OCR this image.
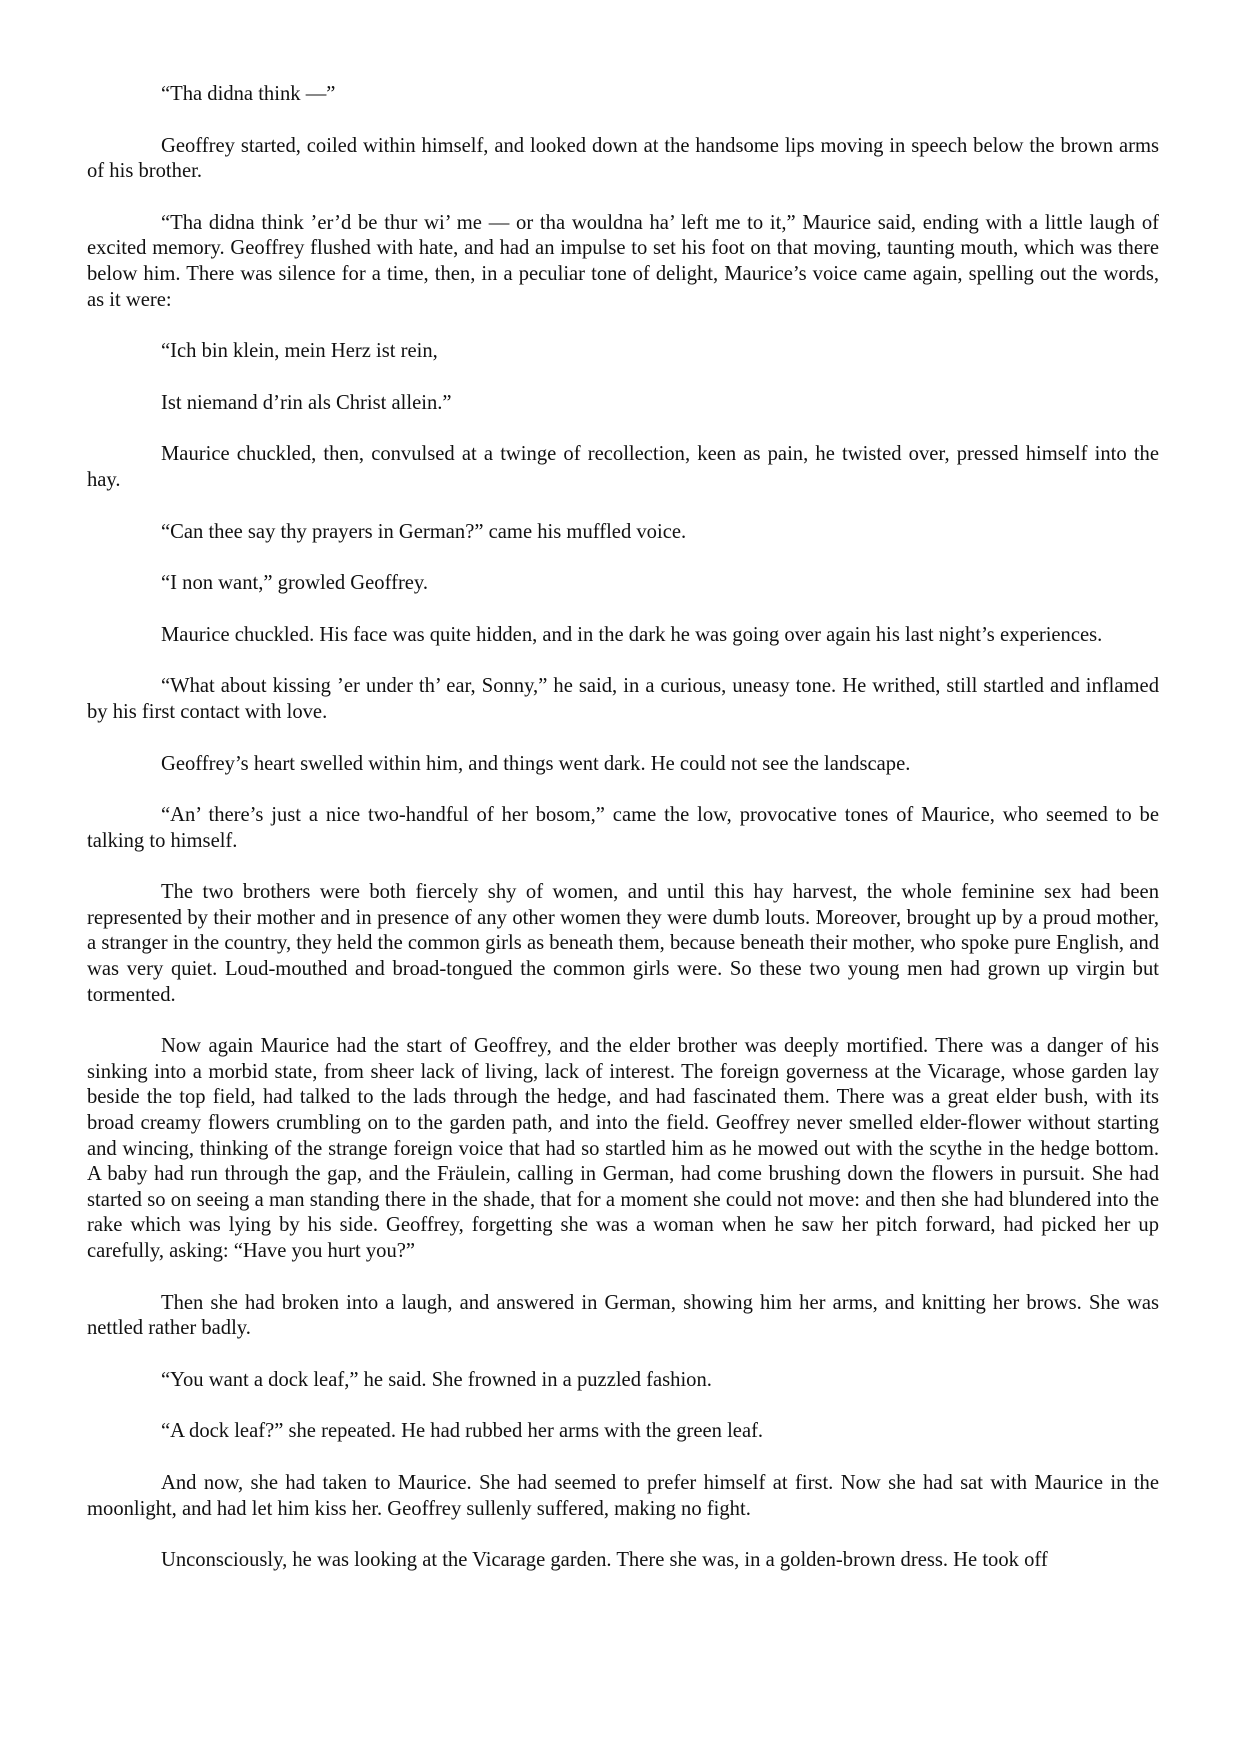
“Tha didna think —”

Geoffrey started, coiled within himself, and looked down at the handsome lips moving in speech below the brown arms of his brother.

“Tha didna think ’er’d be thur wi’ me — or tha wouldna ha’ left me to it,” Maurice said, ending with a little laugh of excited memory. Geoffrey flushed with hate, and had an impulse to set his foot on that moving, taunting mouth, which was there below him. There was silence for a time, then, in a peculiar tone of delight, Maurice’s voice came again, spelling out the words, as it were:

“Ich bin klein, mein Herz ist rein,

Ist niemand d’rin als Christ allein.”

Maurice chuckled, then, convulsed at a twinge of recollection, keen as pain, he twisted over, pressed himself into the hay.

“Can thee say thy prayers in German?” came his muffled voice.

“I non want,” growled Geoffrey.

Maurice chuckled. His face was quite hidden, and in the dark he was going over again his last night’s experiences.

“What about kissing ’er under th’ ear, Sonny,” he said, in a curious, uneasy tone. He writhed, still startled and inflamed by his first contact with love.

Geoffrey’s heart swelled within him, and things went dark. He could not see the landscape.

“An’ there’s just a nice two-handful of her bosom,” came the low, provocative tones of Maurice, who seemed to be talking to himself.

The two brothers were both fiercely shy of women, and until this hay harvest, the whole feminine sex had been represented by their mother and in presence of any other women they were dumb louts. Moreover, brought up by a proud mother, a stranger in the country, they held the common girls as beneath them, because beneath their mother, who spoke pure English, and was very quiet. Loud-mouthed and broad-tongued the common girls were. So these two young men had grown up virgin but tormented.

Now again Maurice had the start of Geoffrey, and the elder brother was deeply mortified. There was a danger of his sinking into a morbid state, from sheer lack of living, lack of interest. The foreign governess at the Vicarage, whose garden lay beside the top field, had talked to the lads through the hedge, and had fascinated them. There was a great elder bush, with its broad creamy flowers crumbling on to the garden path, and into the field. Geoffrey never smelled elder-flower without starting and wincing, thinking of the strange foreign voice that had so startled him as he mowed out with the scythe in the hedge bottom. A baby had run through the gap, and the Fräulein, calling in German, had come brushing down the flowers in pursuit. She had started so on seeing a man standing there in the shade, that for a moment she could not move: and then she had blundered into the rake which was lying by his side. Geoffrey, forgetting she was a woman when he saw her pitch forward, had picked her up carefully, asking: “Have you hurt you?”

Then she had broken into a laugh, and answered in German, showing him her arms, and knitting her brows. She was nettled rather badly.

“You want a dock leaf,” he said. She frowned in a puzzled fashion.

“A dock leaf?” she repeated. He had rubbed her arms with the green leaf.

And now, she had taken to Maurice. She had seemed to prefer himself at first. Now she had sat with Maurice in the moonlight, and had let him kiss her. Geoffrey sullenly suffered, making no fight.

Unconsciously, he was looking at the Vicarage garden. There she was, in a golden-brown dress. He took off
